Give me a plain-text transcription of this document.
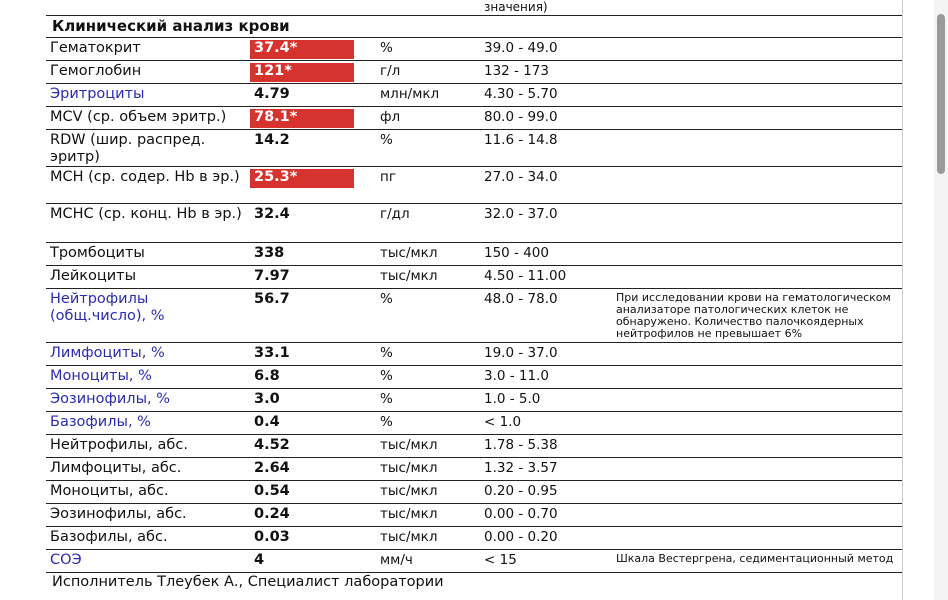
значения)
Клинический анализ крови
Гематокрит	37.4*	%	39.0 - 49.0
Гемоглобин	121*	г/л	132 - 173
Эритроциты	4.79	млн/мкл	4.30 - 5.70
MCV (ср. объем эритр.)	78.1*	фл	80.0 - 99.0
RDW (шир. распред. эритр)
14.2	%	11.6 - 14.8
MCH (ср. содер. Hb в эр.) 25.3*	пг	27.0 - 34.0
MCHC (ср. конц. Hb в эр.) 32.4	г/дл	32.0 - 37.0
Тромбоциты	338	тыс/мкл	150 - 400
Лейкоциты	7.97	тыс/мкл	4.50 - 11.00
Нейтрофилы (общ.число), %
56.7	%	48.0 - 78.0	При исследовании крови на гематологическом анализаторе патологических клеток не обнаружено. Количество палочкоядерных нейтрофилов не превышает 6%
Лимфоциты, %	33.1	%	19.0 - 37.0
Моноциты, %	6.8	%	3.0 - 11.0
Эозинофилы, %	3.0	%	1.0 - 5.0
Базофилы, %	0.4	%	< 1.0
Нейтрофилы, абс.	4.52	тыс/мкл	1.78 - 5.38
Лимфоциты, абс.	2.64	тыс/мкл	1.32 - 3.57
Моноциты, абс.	0.54	тыс/мкл	0.20 - 0.95
Эозинофилы, абс.	0.24	тыс/мкл	0.00 - 0.70
Базофилы, абс.	0.03	тыс/мкл	0.00 - 0.20
СОЭ	4	мм/ч	< 15	Шкала Вестергрена, седиментационный метод
Исполнитель Тлеубек А., Специалист лаборатории
